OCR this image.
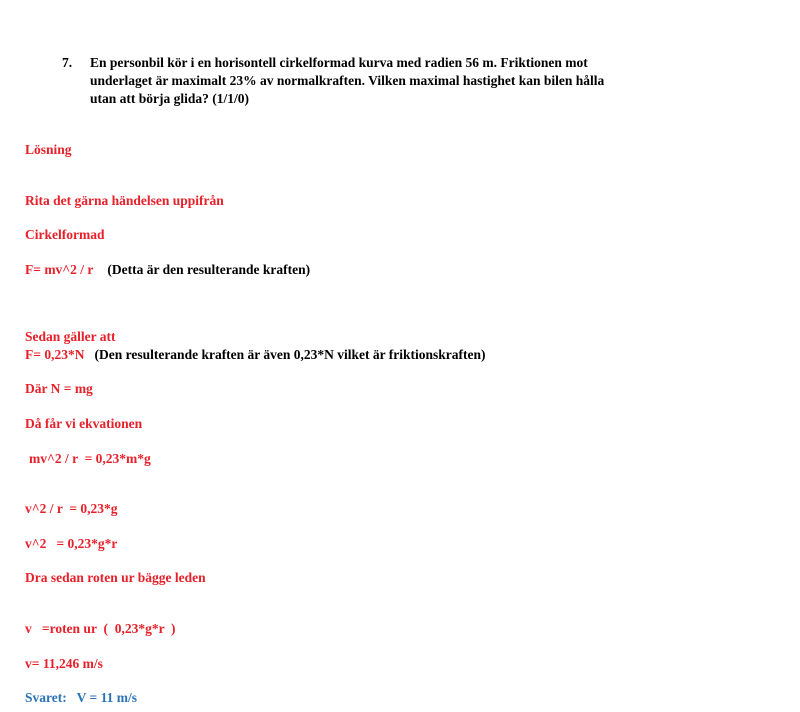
7. En personbil kör i en horisontell cirkelformad kurva med radien 56 m. Friktionen mot
underlaget är maximalt 23% av normalkraften. Vilken maximal hastighet kan bilen hålla
utan att börja glida? (1/1/0)
Lösning
Rita det gärna händelsen uppifrån
Cirkelformad
F= mv^2 / r (Detta är den resulterande kraften)
Sedan gäller att
F= 0,23*N (Den resulterande kraften är även 0,23*N vilket är friktionskraften)
Där N = mg
Då får vi ekvationen
mv^2 / r  = 0,23*m*g
v^2 / r  = 0,23*g
v^2   = 0,23*g*r
Dra sedan roten ur bägge leden
v   =roten ur  (  0,23*g*r  )
v= 11,246 m/s
Svaret:   V = 11 m/s
